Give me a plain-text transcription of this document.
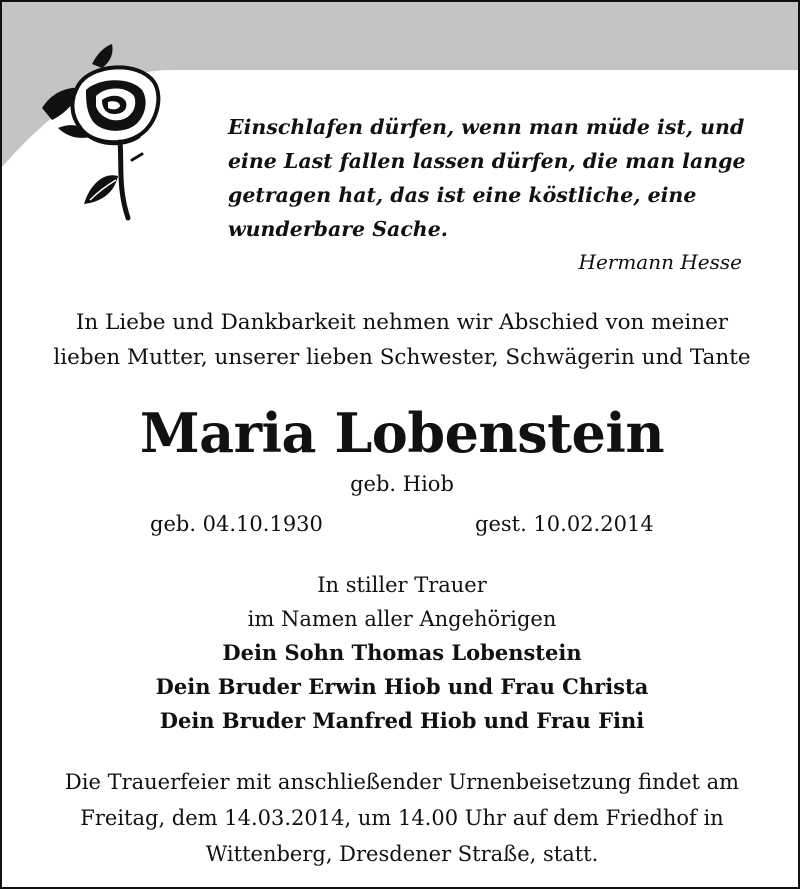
Einschlafen dürfen, wenn man müde ist, und
eine Last fallen lassen dürfen, die man lange
getragen hat, das ist eine köstliche, eine
wunderbare Sache.
Hermann Hesse
In Liebe und Dankbarkeit nehmen wir Abschied von meiner
lieben Mutter, unserer lieben Schwester, Schwägerin und Tante
Maria Lobenstein
geb. Hiob
geb. 04.10.1930	gest. 10.02.2014
In stiller Trauer
im Namen aller Angehörigen
Dein Sohn Thomas Lobenstein
Dein Bruder Erwin Hiob und Frau Christa
Dein Bruder Manfred Hiob und Frau Fini
Die Trauerfeier mit anschließender Urnenbeisetzung findet am
Freitag, dem 14.03.2014, um 14.00 Uhr auf dem Friedhof in
Wittenberg, Dresdener Straße, statt.
